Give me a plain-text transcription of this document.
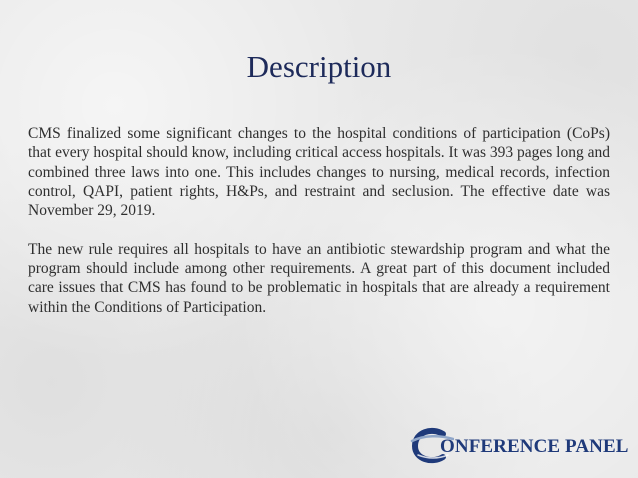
Description

CMS finalized some significant changes to the hospital conditions of participation (CoPs) that every hospital should know, including critical access hospitals. It was 393 pages long and combined three laws into one. This includes changes to nursing, medical records, infection control, QAPI, patient rights, H&Ps, and restraint and seclusion. The effective date was November 29, 2019.

The new rule requires all hospitals to have an antibiotic stewardship program and what the program should include among other requirements. A great part of this document included care issues that CMS has found to be problematic in hospitals that are already a requirement within the Conditions of Participation.

ONFERENCE PANEL
